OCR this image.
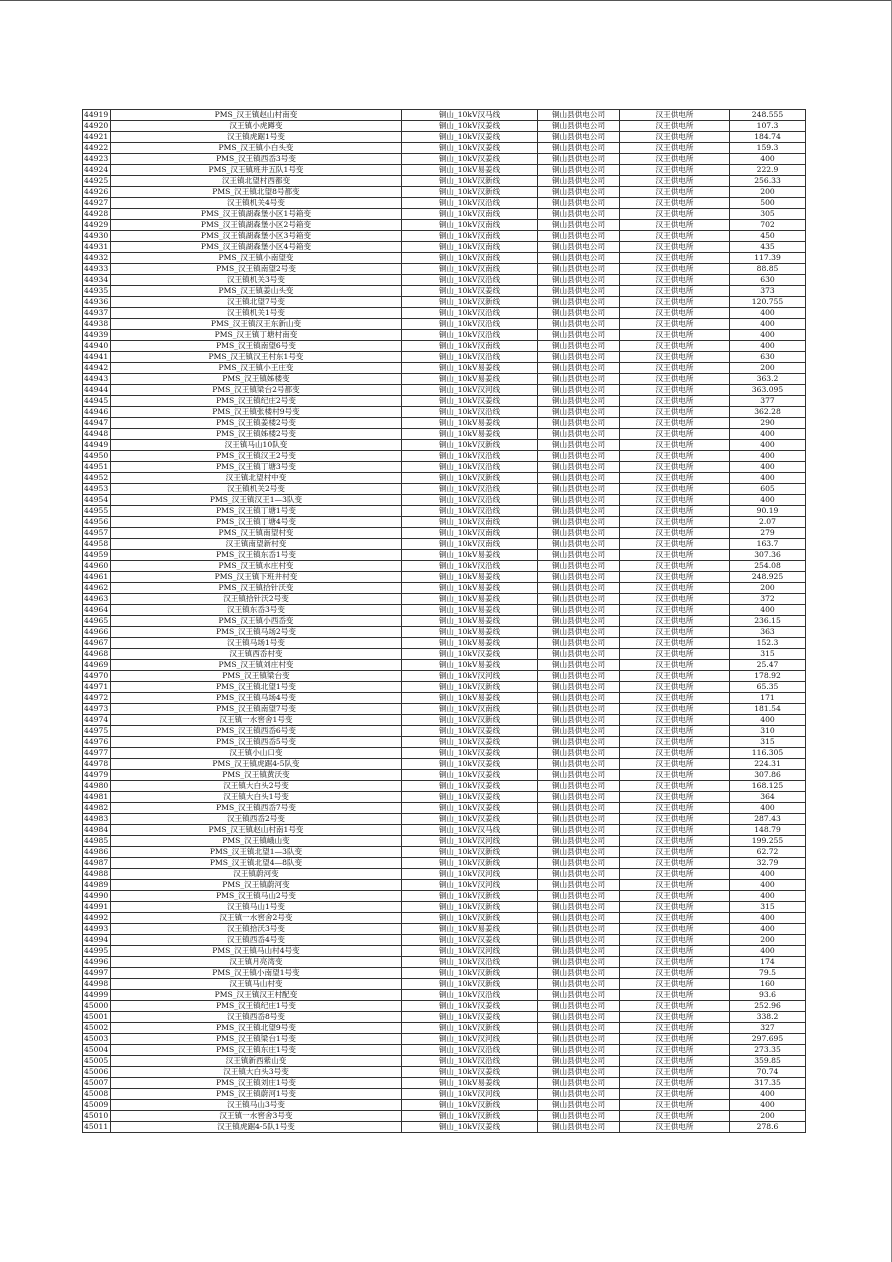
44919	PMS_汉王镇赵山村南变	铜山_10kV汉马线	铜山县供电公司	汉王供电所	248.555
44920	汉王镇小虎蹲变	铜山_10kV汉姜线	铜山县供电公司	汉王供电所	107.3
44921	汉王镇虎踞1号变	铜山_10kV汉姜线	铜山县供电公司	汉王供电所	184.74
44922	PMS_汉王镇小白头变	铜山_10kV汉姜线	铜山县供电公司	汉王供电所	159.3
44923	PMS_汉王镇西岙3号变	铜山_10kV汉姜线	铜山县供电公司	汉王供电所	400
44924	PMS_汉王镇班井五队1号变	铜山_10kV易姜线	铜山县供电公司	汉王供电所	222.9
44925	汉王镇北望村西都变	铜山_10kV汉新线	铜山县供电公司	汉王供电所	256.33
44926	PMS_汉王镇北望8号都变	铜山_10kV汉新线	铜山县供电公司	汉王供电所	200
44927	汉王镇机关4号变	铜山_10kV汉沿线	铜山县供电公司	汉王供电所	500
44928	PMS_汉王镇湖森堡小区1号箱变	铜山_10kV汉南线	铜山县供电公司	汉王供电所	305
44929	PMS_汉王镇湖森堡小区2号箱变	铜山_10kV汉南线	铜山县供电公司	汉王供电所	702
44930	PMS_汉王镇湖森堡小区3号箱变	铜山_10kV汉南线	铜山县供电公司	汉王供电所	450
44931	PMS_汉王镇湖森堡小区4号箱变	铜山_10kV汉南线	铜山县供电公司	汉王供电所	435
44932	PMS_汉王镇小南望变	铜山_10kV汉南线	铜山县供电公司	汉王供电所	117.39
44933	PMS_汉王镇南望2号变	铜山_10kV汉南线	铜山县供电公司	汉王供电所	88.85
44934	汉王镇机关3号变	铜山_10kV汉沿线	铜山县供电公司	汉王供电所	630
44935	PMS_汉王镇姜山头变	铜山_10kV汉姜线	铜山县供电公司	汉王供电所	373
44936	汉王镇北望7号变	铜山_10kV汉新线	铜山县供电公司	汉王供电所	120.755
44937	汉王镇机关1号变	铜山_10kV汉沿线	铜山县供电公司	汉王供电所	400
44938	PMS_汉王镇汉王东新山变	铜山_10kV汉沿线	铜山县供电公司	汉王供电所	400
44939	PMS_汉王镇丁塘村南变	铜山_10kV汉沿线	铜山县供电公司	汉王供电所	400
44940	PMS_汉王镇南望6号变	铜山_10kV汉南线	铜山县供电公司	汉王供电所	400
44941	PMS_汉王镇汉王村东1号变	铜山_10kV汉沿线	铜山县供电公司	汉王供电所	630
44942	PMS_汉王镇小王庄变	铜山_10kV易姜线	铜山县供电公司	汉王供电所	200
44943	PMS_汉王镇姊楼变	铜山_10kV易姜线	铜山县供电公司	汉王供电所	363.2
44944	PMS_汉王镇梁台2号都变	铜山_10kV汉河线	铜山县供电公司	汉王供电所	363.095
44945	PMS_汉王镇纪庄2号变	铜山_10kV汉姜线	铜山县供电公司	汉王供电所	377
44946	PMS_汉王镇张楼村9号变	铜山_10kV汉沿线	铜山县供电公司	汉王供电所	362.28
44947	PMS_汉王镇姜楼2号变	铜山_10kV易姜线	铜山县供电公司	汉王供电所	290
44948	PMS_汉王镇姊楼2号变	铜山_10kV易姜线	铜山县供电公司	汉王供电所	400
44949	汉王镇马山10队变	铜山_10kV汉新线	铜山县供电公司	汉王供电所	400
44950	PMS_汉王镇汉王2号变	铜山_10kV汉沿线	铜山县供电公司	汉王供电所	400
44951	PMS_汉王镇丁塘3号变	铜山_10kV汉沿线	铜山县供电公司	汉王供电所	400
44952	汉王镇北望村中变	铜山_10kV汉新线	铜山县供电公司	汉王供电所	400
44953	汉王镇机关2号变	铜山_10kV汉沿线	铜山县供电公司	汉王供电所	605
44954	PMS_汉王镇汉王1—3队变	铜山_10kV汉沿线	铜山县供电公司	汉王供电所	400
44955	PMS_汉王镇丁塘1号变	铜山_10kV汉沿线	铜山县供电公司	汉王供电所	90.19
44956	PMS_汉王镇丁塘4号变	铜山_10kV汉南线	铜山县供电公司	汉王供电所	2.07
44957	PMS_汉王镇南望村变	铜山_10kV汉南线	铜山县供电公司	汉王供电所	279
44958	汉王镇南望新村变	铜山_10kV汉南线	铜山县供电公司	汉王供电所	163.7
44959	PMS_汉王镇东岙1号变	铜山_10kV易姜线	铜山县供电公司	汉王供电所	307.36
44960	PMS_汉王镇水庄村变	铜山_10kV汉沿线	铜山县供电公司	汉王供电所	254.08
44961	PMS_汉王镇下班井村变	铜山_10kV易姜线	铜山县供电公司	汉王供电所	248.925
44962	PMS_汉王镇拾针沃变	铜山_10kV易姜线	铜山县供电公司	汉王供电所	200
44963	汉王镇拾针沃2号变	铜山_10kV易姜线	铜山县供电公司	汉王供电所	372
44964	汉王镇东岙3号变	铜山_10kV易姜线	铜山县供电公司	汉王供电所	400
44965	PMS_汉王镇小西岙变	铜山_10kV易姜线	铜山县供电公司	汉王供电所	236.15
44966	PMS_汉王镇马场2号变	铜山_10kV易姜线	铜山县供电公司	汉王供电所	363
44967	汉王镇马场1号变	铜山_10kV易姜线	铜山县供电公司	汉王供电所	152.3
44968	汉王镇西岙村变	铜山_10kV汉姜线	铜山县供电公司	汉王供电所	315
44969	PMS_汉王镇刘庄村变	铜山_10kV易姜线	铜山县供电公司	汉王供电所	25.47
44970	PMS_汉王镇梁台变	铜山_10kV汉河线	铜山县供电公司	汉王供电所	178.92
44971	PMS_汉王镇北望1号变	铜山_10kV汉新线	铜山县供电公司	汉王供电所	65.35
44972	PMS_汉王镇马场4号变	铜山_10kV易姜线	铜山县供电公司	汉王供电所	171
44973	PMS_汉王镇南望7号变	铜山_10kV汉南线	铜山县供电公司	汉王供电所	181.54
44974	汉王镇一水窖舍1号变	铜山_10kV汉新线	铜山县供电公司	汉王供电所	400
44975	PMS_汉王镇西岙6号变	铜山_10kV汉姜线	铜山县供电公司	汉王供电所	310
44976	PMS_汉王镇西岙5号变	铜山_10kV汉姜线	铜山县供电公司	汉王供电所	315
44977	汉王镇小山口变	铜山_10kV汉姜线	铜山县供电公司	汉王供电所	116.305
44978	PMS_汉王镇虎踞4-5队变	铜山_10kV汉姜线	铜山县供电公司	汉王供电所	224.31
44979	PMS_汉王镇黄沃变	铜山_10kV汉姜线	铜山县供电公司	汉王供电所	307.86
44980	汉王镇大白头2号变	铜山_10kV汉姜线	铜山县供电公司	汉王供电所	168.125
44981	汉王镇大白头1号变	铜山_10kV汉姜线	铜山县供电公司	汉王供电所	364
44982	PMS_汉王镇西岙7号变	铜山_10kV汉姜线	铜山县供电公司	汉王供电所	400
44983	汉王镇西岙2号变	铜山_10kV汉姜线	铜山县供电公司	汉王供电所	287.43
44984	PMS_汉王镇赵山村南1号变	铜山_10kV汉马线	铜山县供电公司	汉王供电所	148.79
44985	PMS_汉王镇峨山变	铜山_10kV汉河线	铜山县供电公司	汉王供电所	199.255
44986	PMS_汉王镇北望1—3队变	铜山_10kV汉新线	铜山县供电公司	汉王供电所	62.72
44987	PMS_汉王镇北望4—8队变	铜山_10kV汉新线	铜山县供电公司	汉王供电所	32.79
44988	汉王镇蔚河变	铜山_10kV汉河线	铜山县供电公司	汉王供电所	400
44989	PMS_汉王镇蔚河变	铜山_10kV汉河线	铜山县供电公司	汉王供电所	400
44990	PMS_汉王镇马山2号变	铜山_10kV汉新线	铜山县供电公司	汉王供电所	400
44991	汉王镇马山1号变	铜山_10kV汉新线	铜山县供电公司	汉王供电所	315
44992	汉王镇一水窖舍2号变	铜山_10kV汉新线	铜山县供电公司	汉王供电所	400
44993	汉王镇拾沃3号变	铜山_10kV易姜线	铜山县供电公司	汉王供电所	400
44994	汉王镇西岙4号变	铜山_10kV汉姜线	铜山县供电公司	汉王供电所	200
44995	PMS_汉王镇马山村4号变	铜山_10kV汉河线	铜山县供电公司	汉王供电所	400
44996	汉王镇月亮湾变	铜山_10kV汉沿线	铜山县供电公司	汉王供电所	174
44997	PMS_汉王镇小南望1号变	铜山_10kV汉新线	铜山县供电公司	汉王供电所	79.5
44998	汉王镇马山村变	铜山_10kV汉新线	铜山县供电公司	汉王供电所	160
44999	PMS_汉王镇汉王村配变	铜山_10kV汉沿线	铜山县供电公司	汉王供电所	93.6
45000	PMS_汉王镇纪庄1号变	铜山_10kV汉姜线	铜山县供电公司	汉王供电所	252.96
45001	汉王镇西岙8号变	铜山_10kV汉姜线	铜山县供电公司	汉王供电所	338.2
45002	PMS_汉王镇北望9号变	铜山_10kV汉新线	铜山县供电公司	汉王供电所	327
45003	PMS_汉王镇梁台1号变	铜山_10kV汉河线	铜山县供电公司	汉王供电所	297.695
45004	PMS_汉王镇东庄1号变	铜山_10kV汉沿线	铜山县供电公司	汉王供电所	273.35
45005	汉王镇新西紫山变	铜山_10kV汉沿线	铜山县供电公司	汉王供电所	359.85
45006	汉王镇大白头3号变	铜山_10kV汉姜线	铜山县供电公司	汉王供电所	70.74
45007	PMS_汉王镇刘庄1号变	铜山_10kV易姜线	铜山县供电公司	汉王供电所	317.35
45008	PMS_汉王镇蔚河1号变	铜山_10kV汉河线	铜山县供电公司	汉王供电所	400
45009	汉王镇马山3号变	铜山_10kV汉新线	铜山县供电公司	汉王供电所	400
45010	汉王镇一水窖舍3号变	铜山_10kV汉新线	铜山县供电公司	汉王供电所	200
45011	汉王镇虎踞4-5队1号变	铜山_10kV汉姜线	铜山县供电公司	汉王供电所	278.6
